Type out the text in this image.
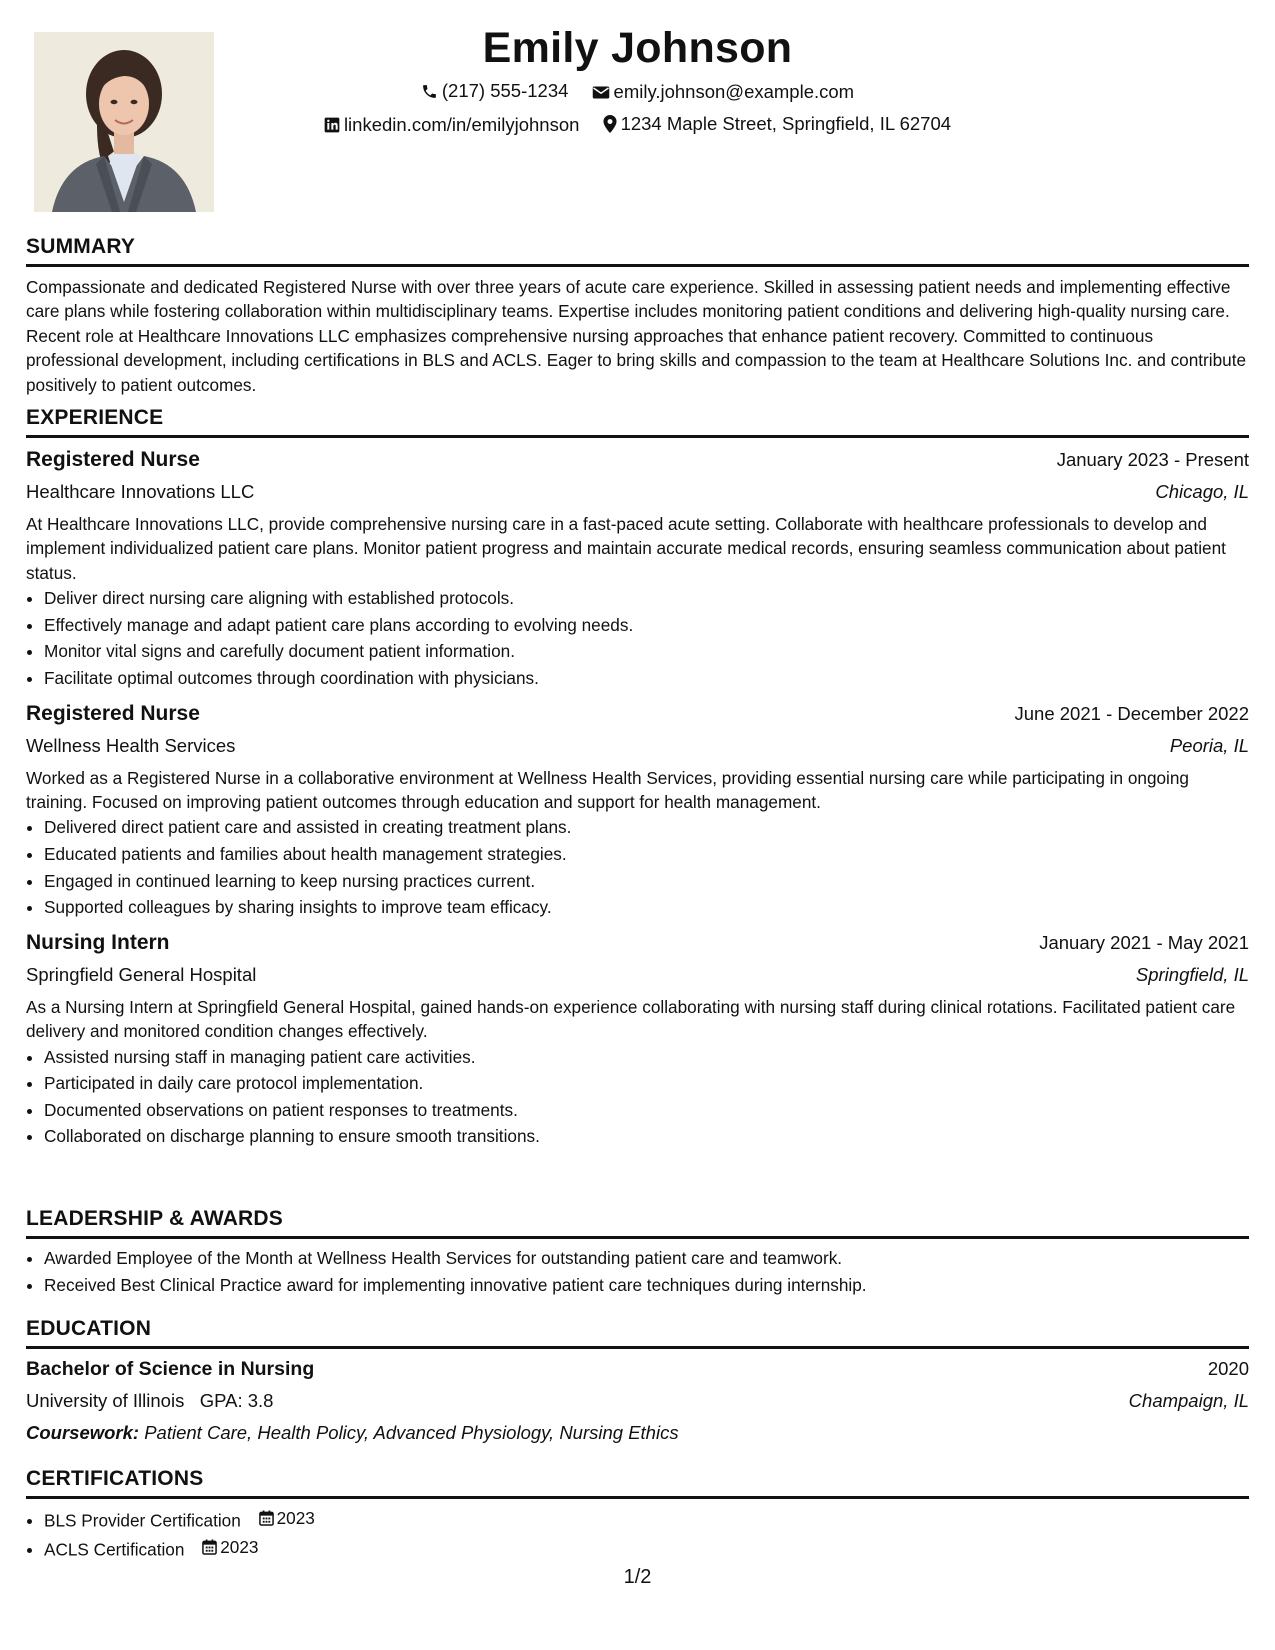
Emily Johnson
(217) 555-1234
emily.johnson@example.com
linkedin.com/in/emilyjohnson
1234 Maple Street, Springfield, IL 62704
SUMMARY

Compassionate and dedicated Registered Nurse with over three years of acute care experience. Skilled in assessing patient needs and implementing effective care plans while fostering collaboration within multidisciplinary teams. Expertise includes monitoring patient conditions and delivering high-quality nursing care. Recent role at Healthcare Innovations LLC emphasizes comprehensive nursing approaches that enhance patient recovery. Committed to continuous professional development, including certifications in BLS and ACLS. Eager to bring skills and compassion to the team at Healthcare Solutions Inc. and contribute positively to patient outcomes.

EXPERIENCE
Registered Nurse	January 2023 - Present
Healthcare Innovations LLC	Chicago, IL

At Healthcare Innovations LLC, provide comprehensive nursing care in a fast-paced acute setting. Collaborate with healthcare professionals to develop and implement individualized patient care plans. Monitor patient progress and maintain accurate medical records, ensuring seamless communication about patient status.

• Deliver direct nursing care aligning with established protocols.
• Effectively manage and adapt patient care plans according to evolving needs.
• Monitor vital signs and carefully document patient information.
• Facilitate optimal outcomes through coordination with physicians.
Registered Nurse	June 2021 - December 2022
Wellness Health Services	Peoria, IL

Worked as a Registered Nurse in a collaborative environment at Wellness Health Services, providing essential nursing care while participating in ongoing training. Focused on improving patient outcomes through education and support for health management.

• Delivered direct patient care and assisted in creating treatment plans.
• Educated patients and families about health management strategies.
• Engaged in continued learning to keep nursing practices current.
• Supported colleagues by sharing insights to improve team efficacy.
Nursing Intern	January 2021 - May 2021
Springfield General Hospital	Springfield, IL

As a Nursing Intern at Springfield General Hospital, gained hands-on experience collaborating with nursing staff during clinical rotations. Facilitated patient care delivery and monitored condition changes effectively.

• Assisted nursing staff in managing patient care activities.
• Participated in daily care protocol implementation.
• Documented observations on patient responses to treatments.
• Collaborated on discharge planning to ensure smooth transitions.
LEADERSHIP & AWARDS
• Awarded Employee of the Month at Wellness Health Services for outstanding patient care and teamwork.
• Received Best Clinical Practice award for implementing innovative patient care techniques during internship.
EDUCATION
Bachelor of Science in Nursing	2020
University of Illinois GPA: 3.8	Champaign, IL
Coursework: Patient Care, Health Policy, Advanced Physiology, Nursing Ethics
CERTIFICATIONS
• BLS Provider Certification 2023
• ACLS Certification 2023
1/2
